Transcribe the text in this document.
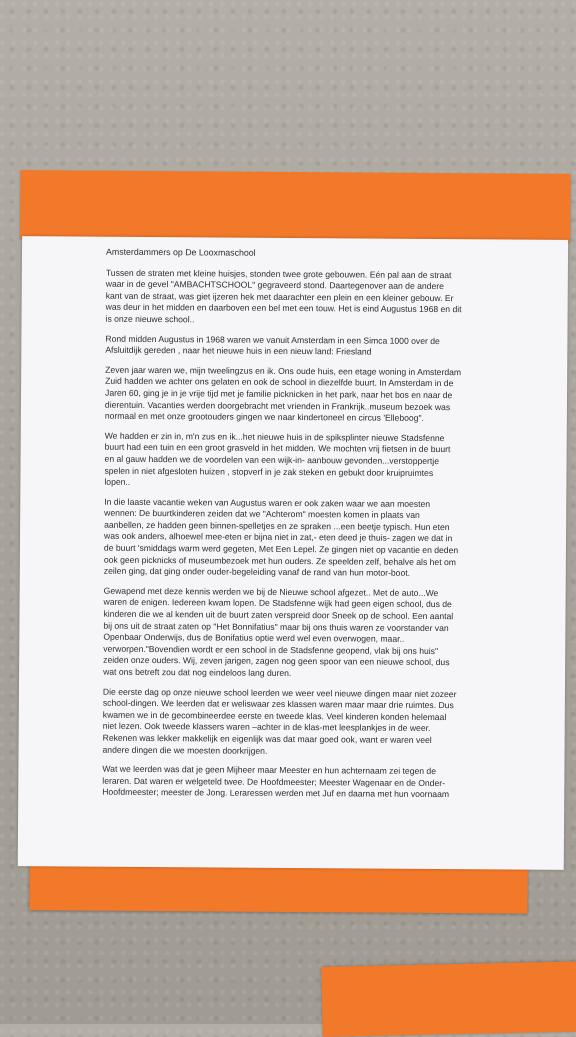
Amsterdammers op De Looxmaschool

Tussen de straten met kleine huisjes, stonden twee grote gebouwen. Eén pal aan de straat waar in de gevel "AMBACHTSCHOOL" gegraveerd stond. Daartegenover aan de andere kant van de straat, was giet ijzeren hek met daarachter een plein en een kleiner gebouw. Er was deur in het midden en daarboven een bel met een touw. Het is eind Augustus 1968 en dit is onze nieuwe school..

Rond midden Augustus in 1968 waren we vanuit Amsterdam in een Simca 1000 over de Afsluitdijk gereden , naar het nieuwe huis in een nieuw land: Friesland

Zeven jaar waren we, mijn tweelingzus en ik. Ons oude huis, een etage woning in Amsterdam Zuid hadden we achter ons gelaten en ook de school in diezelfde buurt. In Amsterdam in de Jaren 60, ging je in je vrije tijd met je familie picknicken in het park, naar het bos en naar de dierentuin. Vacanties werden doorgebracht met vrienden in Frankrijk..museum bezoek was normaal en met onze grootouders gingen we naar kindertoneel en circus 'Elleboog".

We hadden er zin in, m'n zus en ik...het nieuwe huis in de spiksplinter nieuwe Stadsfenne buurt had een tuin en een groot grasveld in het midden. We mochten vrij fietsen in de buurt en al gauw hadden we de voordelen van een wijk-in- aanbouw gevonden...verstoppertje spelen in niet afgesloten huizen , stopverf in je zak steken en gebukt door kruipruimtes lopen..

In die laaste vacantie weken van Augustus waren er ook zaken waar we aan moesten wennen: De buurtkinderen zeiden dat we "Achterom" moesten komen in plaats van aanbellen, ze hadden geen binnen-spelletjes en ze spraken ...een beetje typisch. Hun eten was ook anders, alhoewel mee-eten er bijna niet in zat,- eten deed je thuis- zagen we dat in de buurt 'smiddags warm werd gegeten, Met Een Lepel. Ze gingen niet op vacantie en deden ook geen picknicks of museumbezoek met hun ouders. Ze speelden zelf, behalve als het om zeilen ging, dat ging onder ouder-begeleiding vanaf de rand van hun motor-boot.

Gewapend met deze kennis werden we bij de Nieuwe school afgezet.. Met de auto...We waren de enigen. Iedereen kwam lopen. De Stadsfenne wijk had geen eigen school, dus de kinderen die we al kenden uit de buurt zaten verspreid door Sneek op de school. Een aantal bij ons uit de straat zaten op "Het Bonnifatius" maar bij ons thuis waren ze voorstander van Openbaar Onderwijs, dus de Bonifatius optie werd wel even overwogen, maar.. verworpen."Bovendien wordt er een school in de Stadsfenne geopend, vlak bij ons huis" zeiden onze ouders. Wij, zeven jarigen, zagen nog geen spoor van een nieuwe school, dus wat ons betreft zou dat nog eindeloos lang duren.

Die eerste dag op onze nieuwe school leerden we weer veel nieuwe dingen maar niet zozeer school-dingen. We leerden dat er weliswaar zes klassen waren maar maar drie ruimtes. Dus kwamen we in de gecombineerdee eerste en tweede klas. Veel kinderen konden helemaal niet lezen. Ook tweede klassers waren –achter in de klas-met leesplankjes in de weer. Rekenen was lekker makkelijk en eigenlijk was dat maar goed ook, want er waren veel andere dingen die we moesten doorkrijgen.

Wat we leerden was dat je geen Mijheer maar Meester en hun achternaam zei tegen de leraren. Dat waren er welgeteld twee. De Hoofdmeester; Meester Wagenaar en de Onder-Hoofdmeester; meester de Jong. Leraressen werden met Juf en daarna met hun voornaam
